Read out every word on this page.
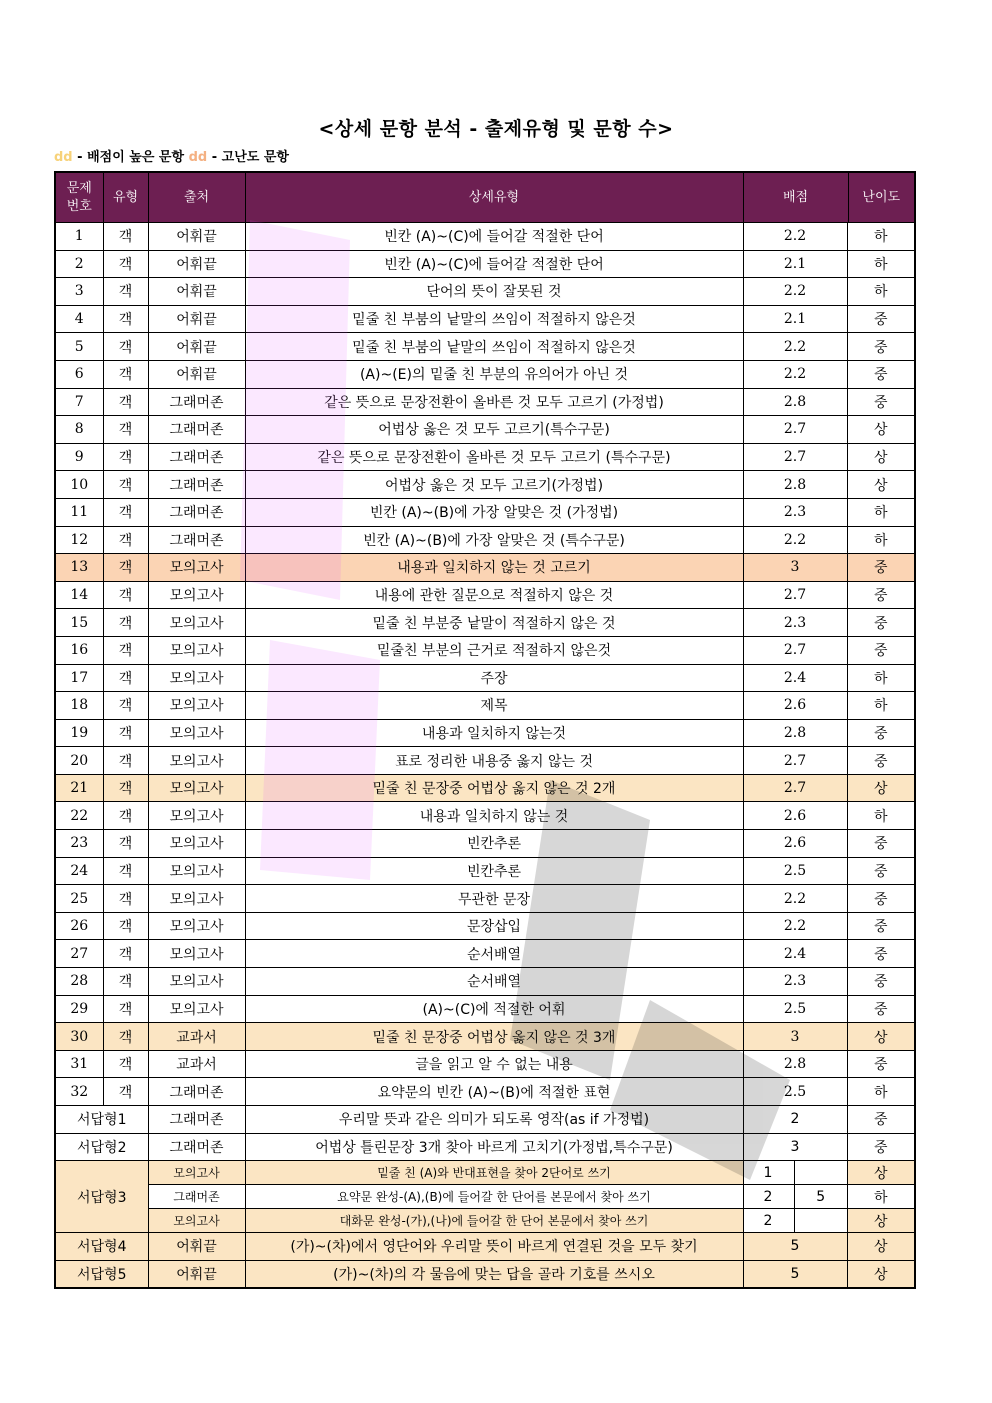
<상세 문항 분석 - 출제유형 및 문항 수>
dd - 배점이 높은 문항 dd - 고난도 문항
문제
번호	유형	출처	상세유형		배점	난이도

1	객	어휘끝	빈칸 (A)~(C)에 들어갈 적절한 단어	2.2	하
2	객	어휘끝	빈칸 (A)~(C)에 들어갈 적절한 단어	2.1	하
3	객	어휘끝	단어의 뜻이 잘못된 것	2.2	하
4	객	어휘끝	밑줄 친 부붐의 낱말의 쓰임이 적절하지 않은것	2.1	중
5	객	어휘끝	밑줄 친 부붐의 낱말의 쓰임이 적절하지 않은것	2.2	중
6	객	어휘끝	(A)~(E)의 밑줄 친 부분의 유의어가 아닌 것	2.2	중
7	객	그래머존	같은 뜻으로 문장전환이 올바른 것 모두 고르기 (가정법)	2.8	중
8	객	그래머존	어법상 옳은 것 모두 고르기(특수구문)	2.7	상
9	객	그래머존	같은 뜻으로 문장전환이 올바른 것 모두 고르기 (특수구문)	2.7	상
10	객	그래머존	어법상 옳은 것 모두 고르기(가정법)	2.8	상
11	객	그래머존	빈칸 (A)~(B)에 가장 알맞은 것 (가정법)	2.3	하
12	객	그래머존	빈칸 (A)~(B)에 가장 알맞은 것 (특수구문)	2.2	하
13	객	모의고사	내용과 일치하지 않는 것 고르기	3	중
14	객	모의고사	내용에 관한 질문으로 적절하지 않은 것	2.7	중
15	객	모의고사	밑줄 친 부분중 낱말이 적절하지 않은 것	2.3	중
16	객	모의고사	밑줄친 부분의 근거로 적절하지 않은것	2.7	중
17	객	모의고사	주장	2.4	하
18	객	모의고사	제목	2.6	하
19	객	모의고사	내용과 일치하지 않는것	2.8	중
20	객	모의고사	표로 정리한 내용중 옳지 않는 것	2.7	중
21	객	모의고사	밑줄 친 문장중 어법상 옳지 않은 것 2개	2.7	상
22	객	모의고사	내용과 일치하지 않는 것	2.6	하
23	객	모의고사	빈칸추론	2.6	중
24	객	모의고사	빈칸추론	2.5	중
25	객	모의고사	무관한 문장	2.2	중
26	객	모의고사	문장삽입	2.2	중
27	객	모의고사	순서배열	2.4	중
28	객	모의고사	순서배열	2.3	중
29	객	모의고사	(A)~(C)에 적절한 어휘	2.5	중
30	객	교과서	밑줄 친 문장중 어법상 옳지 않은 것 3개	3	상
31	객	교과서	글을 읽고 알 수 없는 내용	2.8	중
32	객	그래머존	요약문의 빈칸 (A)~(B)에 적절한 표현	2.5	하
서답형1	그래머존	우리말 뜻과 같은 의미가 되도록 영작(as if 가정법)	2	중
서답형2	그래머존	어법상 틀린문장 3개 찾아 바르게 고치기(가정법,특수구문)	3	중
서답형3	모의고사	밑줄 친 (A)와 반대표현을 찾아 2단어로 쓰기	1	상
그래머존	요약문 완성-(A),(B)에 들어갈 한 단어를 본문에서 찾아 쓰기	2	5	하
모의고사	대화문 완성-(가),(나)에 들어갈 한 단어 본문에서 찾아 쓰기	2	상
서답형4	어휘끝	(가)~(차)에서 영단어와 우리말 뜻이 바르게 연결된 것을 모두 찾기	5	상
서답형5	어휘끝	(가)~(차)의 각 물음에 맞는 답을 골라 기호를 쓰시오	5	상
